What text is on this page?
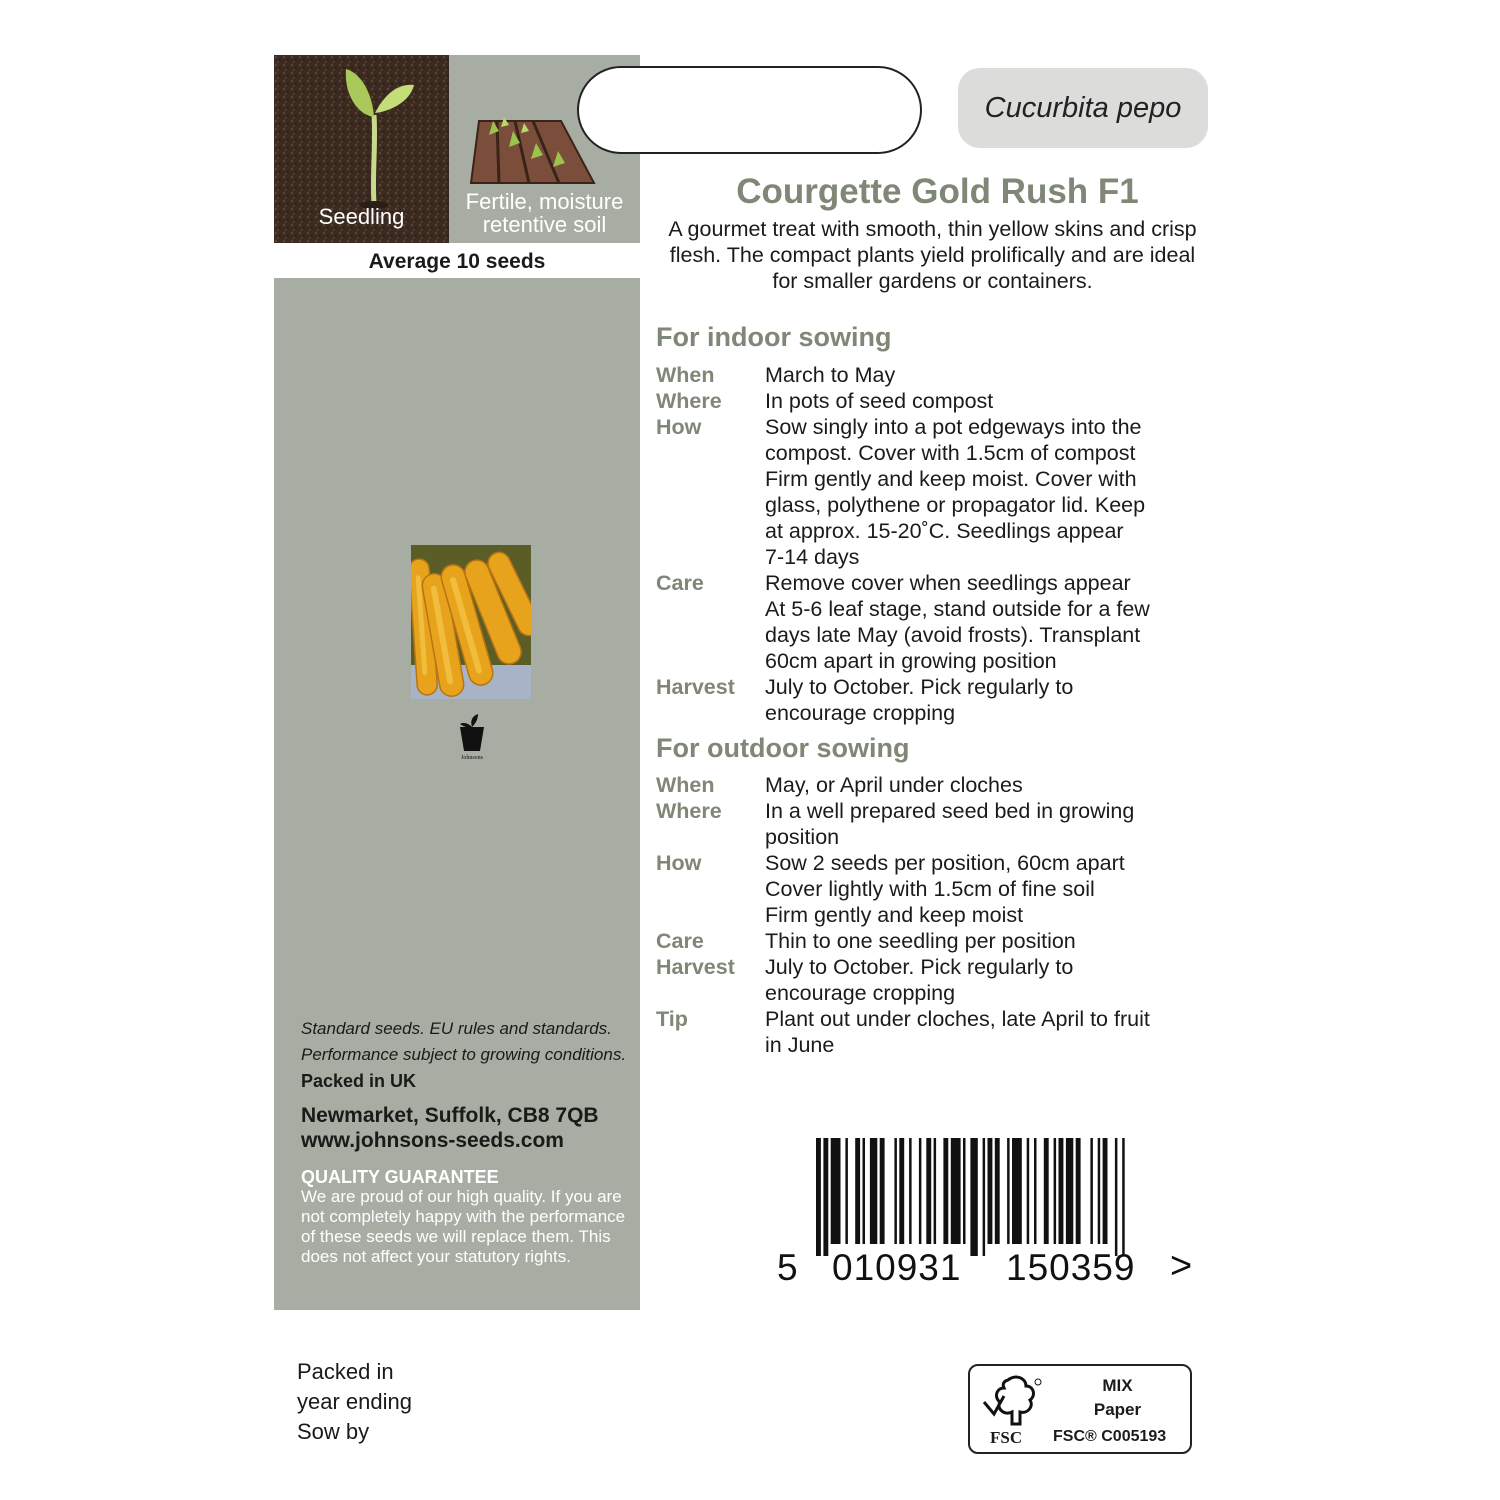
Seedling
Fertile, moisture
retentive soil
Average 10 seeds
Johnsons
Standard seeds. EU rules and standards.
Performance subject to growing conditions.
Packed in UK
Newmarket, Suffolk, CB8 7QB
www.johnsons-seeds.com
QUALITY GUARANTEE
We are proud of our high quality. If you are not completely happy with the performance of these seeds we will replace them. This does not affect your statutory rights.
Packed in
year ending
Sow by
Cucurbita pepo
Courgette Gold Rush F1
A gourmet treat with smooth, thin yellow skins and crisp flesh. The compact plants yield prolifically and are ideal for smaller gardens or containers.
For indoor sowing
When	March to May
Where	In pots of seed compost
How	Sow singly into a pot edgeways into the
compost. Cover with 1.5cm of compost
Firm gently and keep moist. Cover with
glass, polythene or propagator lid. Keep
at approx. 15-20˚C. Seedlings appear
7-14 days
Care	Remove cover when seedlings appear
At 5-6 leaf stage, stand outside for a few
days late May (avoid frosts). Transplant
60cm apart in growing position
Harvest	July to October. Pick regularly to
encourage cropping
For outdoor sowing
When	May, or April under cloches
Where	In a well prepared seed bed in growing
position
How	Sow 2 seeds per position, 60cm apart
Cover lightly with 1.5cm of fine soil
Firm gently and keep moist
Care	Thin to one seedling per position
Harvest	July to October. Pick regularly to
encourage cropping
Tip	Plant out under cloches, late April to fruit
in June
5 010931 150359 >
FSC
MIX
Paper
FSC® C005193
